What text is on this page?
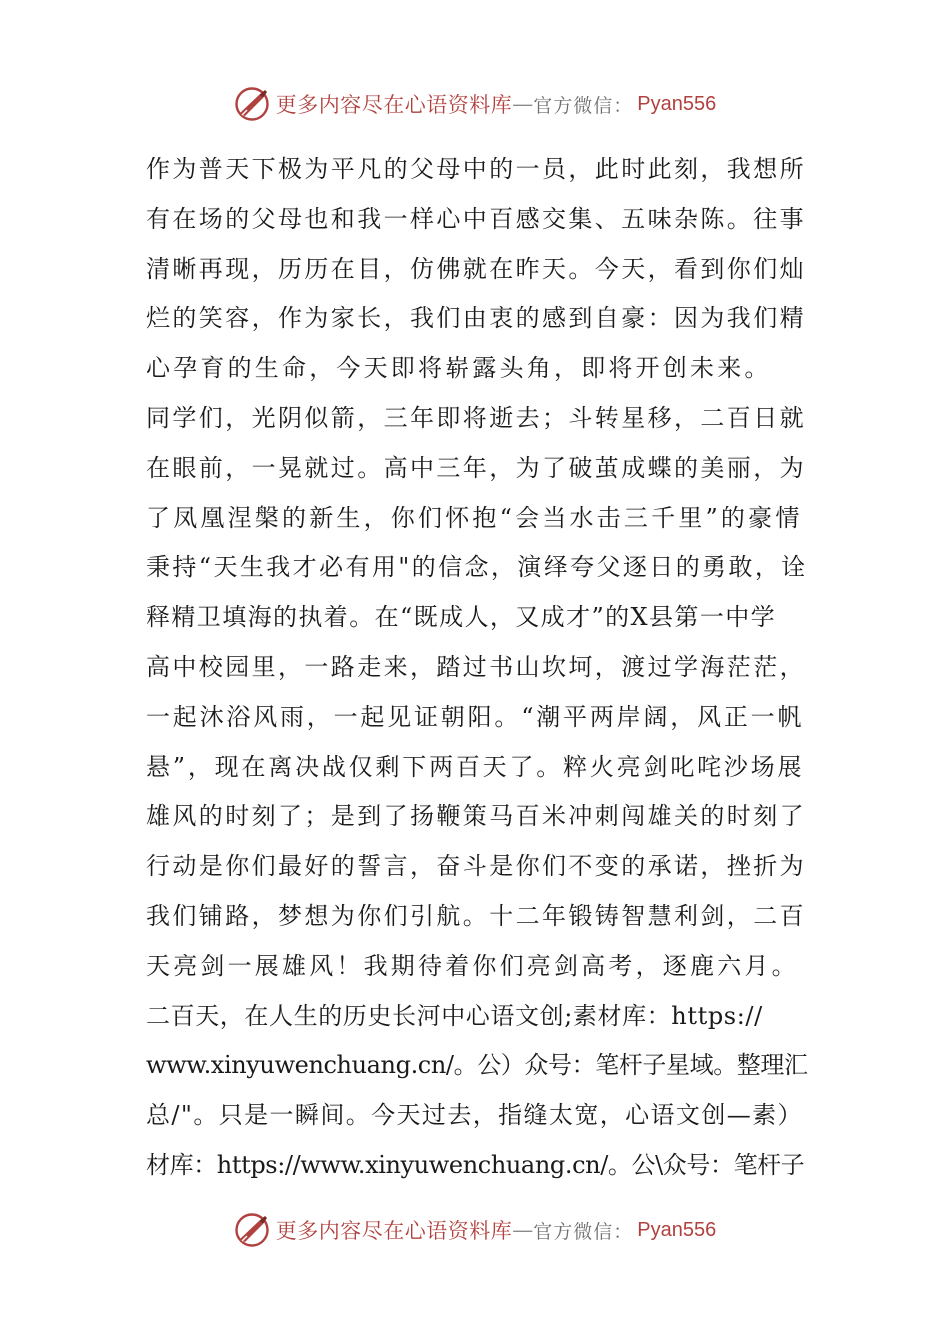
更多内容尽在心语资料库 — 官方微信： Pyan556
作为普天下极为平凡的父母中的一员，此时此刻，我想所
有在场的父母也和我一样心中百感交集、五味杂陈。往事
清晰再现，历历在目，仿佛就在昨天。今天，看到你们灿
烂的笑容，作为家长，我们由衷的感到自豪：因为我们精
心孕育的生命，今天即将崭露头角，即将开创未来。
同学们，光阴似箭，三年即将逝去；斗转星移，二百日就
在眼前，一晃就过。高中三年，为了破茧成蝶的美丽，为
了凤凰涅槃的新生，你们怀抱“会当水击三千里”的豪情
秉持“天生我才必有用"的信念，演绎夸父逐日的勇敢，诠
释精卫填海的执着。在“既成人，又成才”的X县第一中学
高中校园里，一路走来，踏过书山坎坷，渡过学海茫茫，
一起沐浴风雨，一起见证朝阳。“潮平两岸阔，风正一帆
悬”，现在离决战仅剩下两百天了。粹火亮剑叱咤沙场展
雄风的时刻了；是到了扬鞭策马百米冲刺闯雄关的时刻了
行动是你们最好的誓言，奋斗是你们不变的承诺，挫折为
我们铺路，梦想为你们引航。十二年锻铸智慧利剑，二百
天亮剑一展雄风！我期待着你们亮剑高考，逐鹿六月。
二百天，在人生的历史长河中心语文创;素材库：https://
www.xinyuwenchuang.cn/。公）众号：笔杆子星域。整理汇
总/"。只是一瞬间。今天过去，指缝太宽，心语文创—素）
材库：https://www.xinyuwenchuang.cn/。公\众号：笔杆子
更多内容尽在心语资料库 — 官方微信： Pyan556
